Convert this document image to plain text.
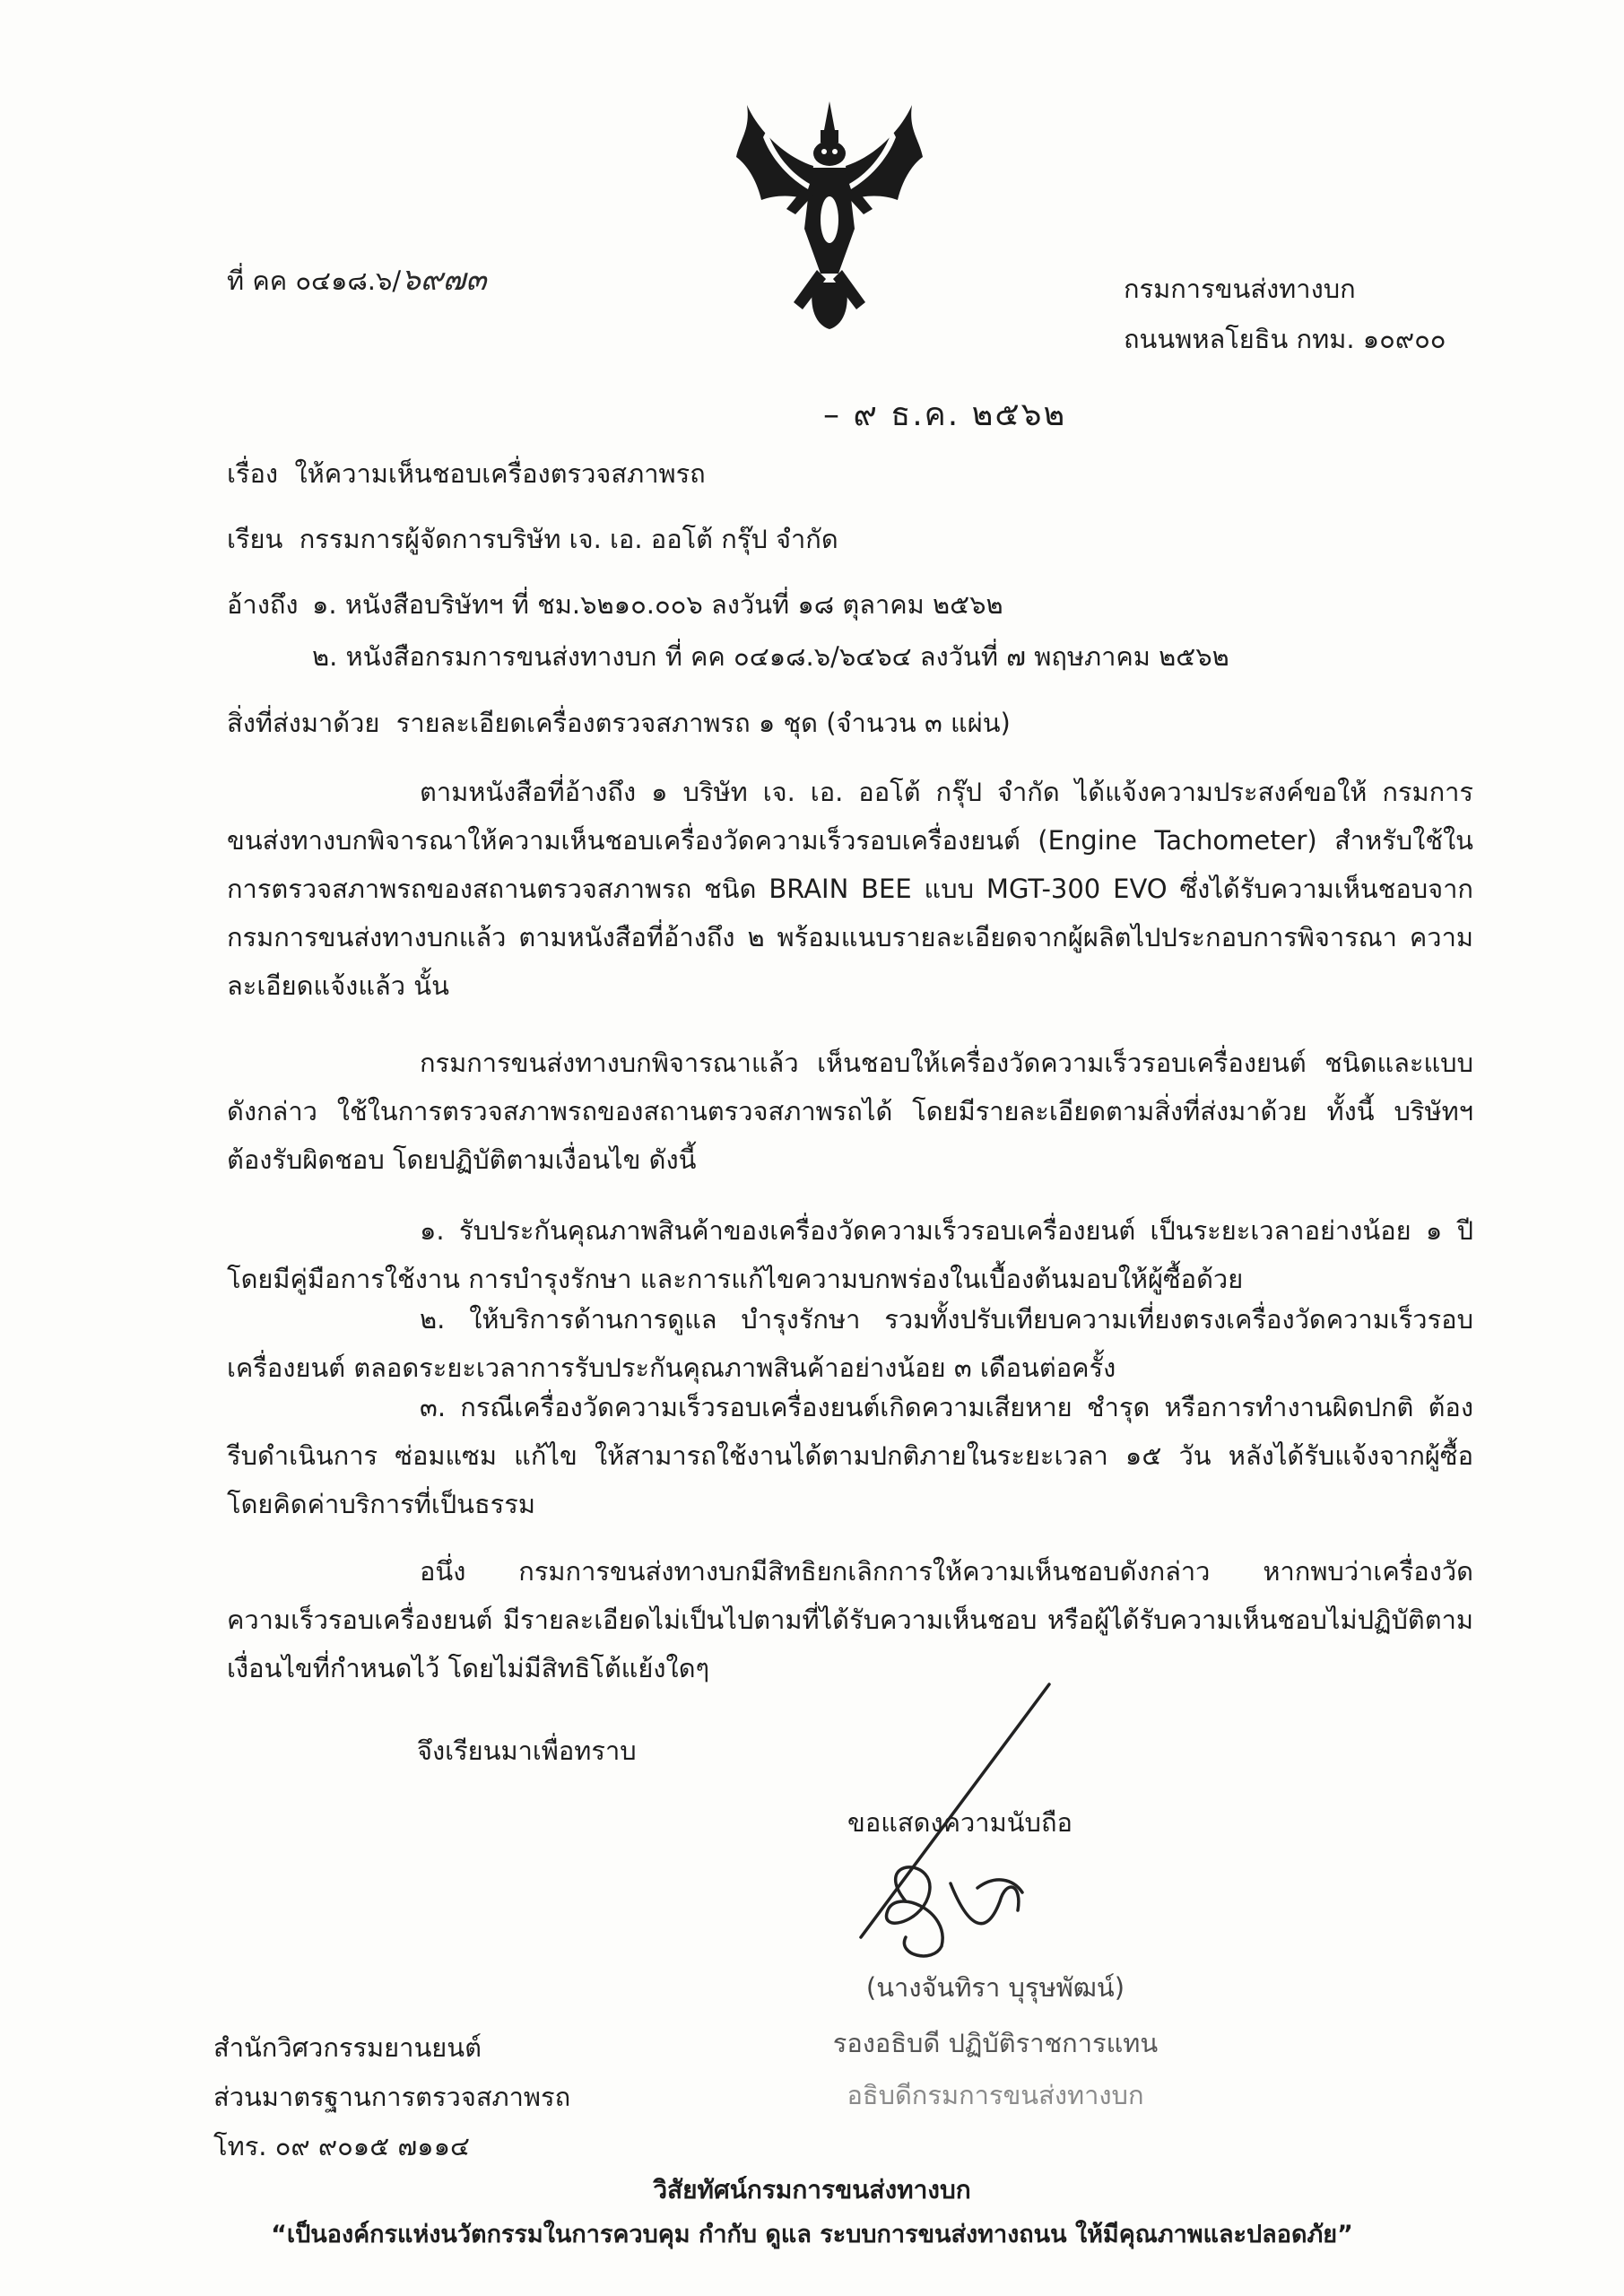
ที่ คค ๐๔๑๘.๖/๖๙๗๓	กรมการขนส่งทางบก
ถนนพหลโยธิน กทม. ๑๐๙๐๐
– ๙ ธ.ค. ๒๕๖๒
เรื่อง ให้ความเห็นชอบเครื่องตรวจสภาพรถ
เรียน กรรมการผู้จัดการบริษัท เจ. เอ. ออโต้ กรุ๊ป จำกัด
อ้างถึง ๑. หนังสือบริษัทฯ ที่ ชม.๖๒๑๐.๐๐๖ ลงวันที่ ๑๘ ตุลาคม ๒๕๖๒
๒. หนังสือกรมการขนส่งทางบก ที่ คค ๐๔๑๘.๖/๖๔๖๔ ลงวันที่ ๗ พฤษภาคม ๒๕๖๒
สิ่งที่ส่งมาด้วย รายละเอียดเครื่องตรวจสภาพรถ ๑ ชุด (จำนวน ๓ แผ่น)
ตามหนังสือที่อ้างถึง ๑ บริษัท เจ. เอ. ออโต้ กรุ๊ป จำกัด ได้แจ้งความประสงค์ขอให้ กรมการขนส่งทางบกพิจารณาให้ความเห็นชอบเครื่องวัดความเร็วรอบเครื่องยนต์ (Engine Tachometer) สำหรับใช้ในการตรวจสภาพรถของสถานตรวจสภาพรถ ชนิด BRAIN BEE แบบ MGT-300 EVO ซึ่งได้รับความเห็นชอบจากกรมการขนส่งทางบกแล้ว ตามหนังสือที่อ้างถึง ๒ พร้อมแนบรายละเอียดจากผู้ผลิตไปประกอบการพิจารณา ความละเอียดแจ้งแล้ว นั้น
กรมการขนส่งทางบกพิจารณาแล้ว เห็นชอบให้เครื่องวัดความเร็วรอบเครื่องยนต์ ชนิดและแบบดังกล่าว ใช้ในการตรวจสภาพรถของสถานตรวจสภาพรถได้ โดยมีรายละเอียดตามสิ่งที่ส่งมาด้วย ทั้งนี้ บริษัทฯ ต้องรับผิดชอบ โดยปฏิบัติตามเงื่อนไข ดังนี้
๑. รับประกันคุณภาพสินค้าของเครื่องวัดความเร็วรอบเครื่องยนต์ เป็นระยะเวลาอย่างน้อย ๑ ปี โดยมีคู่มือการใช้งาน การบำรุงรักษา และการแก้ไขความบกพร่องในเบื้องต้นมอบให้ผู้ซื้อด้วย
๒. ให้บริการด้านการดูแล บำรุงรักษา รวมทั้งปรับเทียบความเที่ยงตรงเครื่องวัดความเร็วรอบเครื่องยนต์ ตลอดระยะเวลาการรับประกันคุณภาพสินค้าอย่างน้อย ๓ เดือนต่อครั้ง
๓. กรณีเครื่องวัดความเร็วรอบเครื่องยนต์เกิดความเสียหาย ชำรุด หรือการทำงานผิดปกติ ต้องรีบดำเนินการ ซ่อมแซม แก้ไข ให้สามารถใช้งานได้ตามปกติภายในระยะเวลา ๑๕ วัน หลังได้รับแจ้งจากผู้ซื้อ โดยคิดค่าบริการที่เป็นธรรม
อนึ่ง กรมการขนส่งทางบกมีสิทธิยกเลิกการให้ความเห็นชอบดังกล่าว หากพบว่าเครื่องวัดความเร็วรอบเครื่องยนต์ มีรายละเอียดไม่เป็นไปตามที่ได้รับความเห็นชอบ หรือผู้ได้รับความเห็นชอบไม่ปฏิบัติตามเงื่อนไขที่กำหนดไว้ โดยไม่มีสิทธิโต้แย้งใดๆ
จึงเรียนมาเพื่อทราบ
ขอแสดงความนับถือ
(นางจันทิรา บุรุษพัฒน์)
รองอธิบดี ปฏิบัติราชการแทน
อธิบดีกรมการขนส่งทางบก
สำนักวิศวกรรมยานยนต์
ส่วนมาตรฐานการตรวจสภาพรถ
โทร. ๐๙ ๙๐๑๕ ๗๑๑๔
วิสัยทัศน์กรมการขนส่งทางบก
“เป็นองค์กรแห่งนวัตกรรมในการควบคุม กำกับ ดูแล ระบบการขนส่งทางถนน ให้มีคุณภาพและปลอดภัย”
